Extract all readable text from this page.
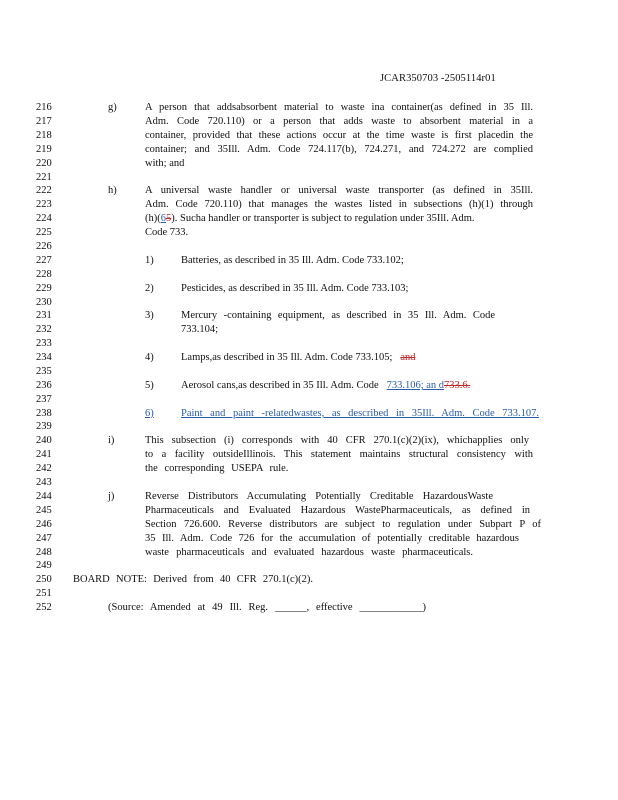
JCAR350703 -2505114r01
216	g)	A person that addsabsorbent material to waste ina container(as defined in 35 Ill.
217	Adm. Code 720.110) or a person that adds waste to absorbent material in a
218	container, provided that these actions occur at the time waste is first placedin the
219	container; and 35Ill. Adm. Code 724.117(b), 724.271, and 724.272 are complied
220	with; and
221
222	h)	A universal waste handler or universal waste transporter (as defined in 35Ill.
223	Adm. Code 720.110) that manages the wastes listed in subsections (h)(1) through
224	(h)(65). Sucha handler or transporter is subject to regulation under 35Ill. Adm.
225	Code 733.
226
227	1)	Batteries, as described in 35 Ill. Adm. Code 733.102;
228
229	2)	Pesticides, as described in 35 Ill. Adm. Code 733.103;
230
231	3)	Mercury -containing equipment, as described in 35 Ill. Adm. Code
232	733.104;
233
234	4)	Lamps,as described in 35 Ill. Adm. Code 733.105; and
235
236	5)	Aerosol cans,as described in 35 Ill. Adm. Code 733.106; an d733.6.
237
238	6)	Paint and paint -relatedwastes, as described in 35Ill. Adm. Code 733.107.
239
240	i)	This subsection (i) corresponds with 40 CFR 270.1(c)(2)(ix), whichapplies only
241	to a facility outsideIllinois. This statement maintains structural consistency with
242	the corresponding USEPA rule.
243
244	j)	Reverse Distributors Accumulating Potentially Creditable HazardousWaste
245	Pharmaceuticals and Evaluated Hazardous WastePharmaceuticals, as defined in
246	Section 726.600. Reverse distributors are subject to regulation under Subpart P of
247	35 Ill. Adm. Code 726 for the accumulation of potentially creditable hazardous
248	waste pharmaceuticals and evaluated hazardous waste pharmaceuticals.
249
250	BOARD NOTE: Derived from 40 CFR 270.1(c)(2).
251
252	(Source: Amended at 49 Ill. Reg. ______, effective ____________)
